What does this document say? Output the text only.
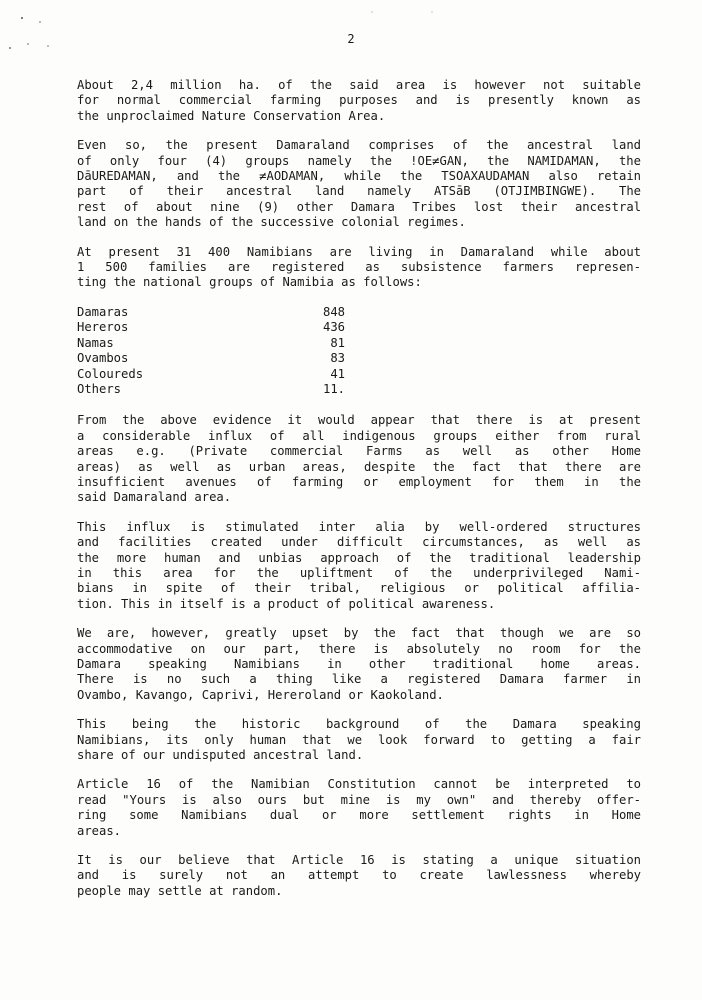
2
About 2,4 million ha. of the said area is however not suitable
for normal commercial farming purposes and is presently known as
the unproclaimed Nature Conservation Area.
Even so, the present Damaraland comprises of the ancestral land
of only four (4) groups namely the !OE≠GAN, the NAMIDAMAN, the
DāUREDAMAN, and the ≠AODAMAN, while the TSOAXAUDAMAN also retain
part of their ancestral land namely ATSāB (OTJIMBINGWE). The
rest of about nine (9) other Damara Tribes lost their ancestral
land on the hands of the successive colonial regimes.
At present 31 400 Namibians are living in Damaraland while about
1 500 families are registered as subsistence farmers represen-
ting the national groups of Namibia as follows:
Damaras	848
Hereros	436
Namas	81
Ovambos	83
Coloureds	41
Others	11.
From the above evidence it would appear that there is at present
a considerable influx of all indigenous groups either from rural
areas e.g. (Private commercial Farms as well as other Home
areas) as well as urban areas, despite the fact that there are
insufficient avenues of farming or employment for them in the
said Damaraland area.
This influx is stimulated inter alia by well-ordered structures
and facilities created under difficult circumstances, as well as
the more human and unbias approach of the traditional leadership
in this area for the upliftment of the underprivileged Nami-
bians in spite of their tribal, religious or political affilia-
tion. This in itself is a product of political awareness.
We are, however, greatly upset by the fact that though we are so
accommodative on our part, there is absolutely no room for the
Damara speaking Namibians in other traditional home areas.
There is no such a thing like a registered Damara farmer in
Ovambo, Kavango, Caprivi, Hereroland or Kaokoland.
This being the historic background of the Damara speaking
Namibians, its only human that we look forward to getting a fair
share of our undisputed ancestral land.
Article 16 of the Namibian Constitution cannot be interpreted to
read "Yours is also ours but mine is my own" and thereby offer-
ring some Namibians dual or more settlement rights in Home
areas.
It is our believe that Article 16 is stating a unique situation
and is surely not an attempt to create lawlessness whereby
people may settle at random.
